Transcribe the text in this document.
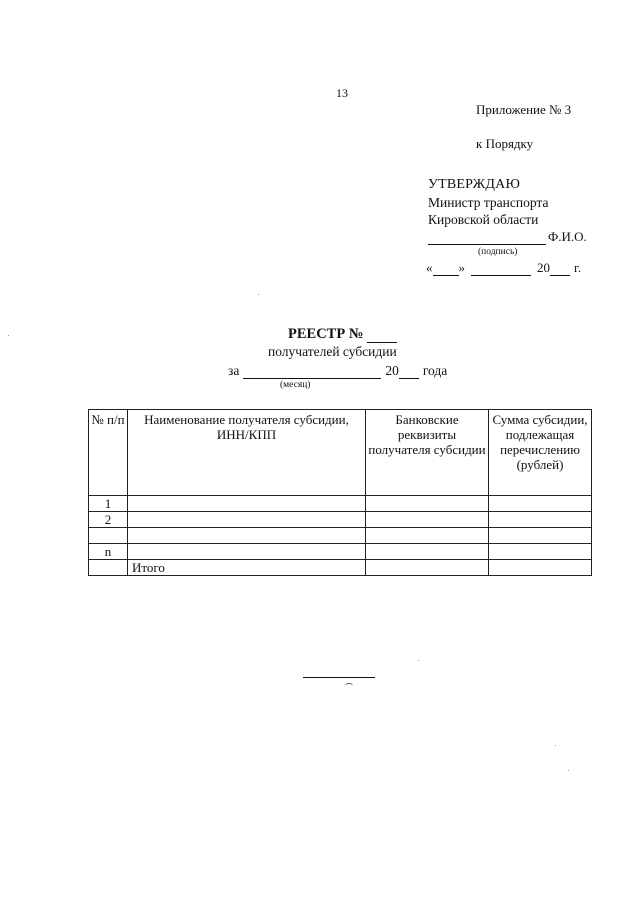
13
Приложение № 3
к Порядку
УТВЕРЖДАЮ
Министр транспорта
Кировской области
Ф.И.О.
(подпись)
« »	20 г.
РЕЕСТР №
получателей субсидии
за	20 года
(месяц)
№ п/п	Наименование получателя субсидии, ИНН/КПП	Банковские реквизиты получателя субсидии	Сумма субсидии, подлежащая перечислению (рублей)
1			
2			

n			
	Итого		
